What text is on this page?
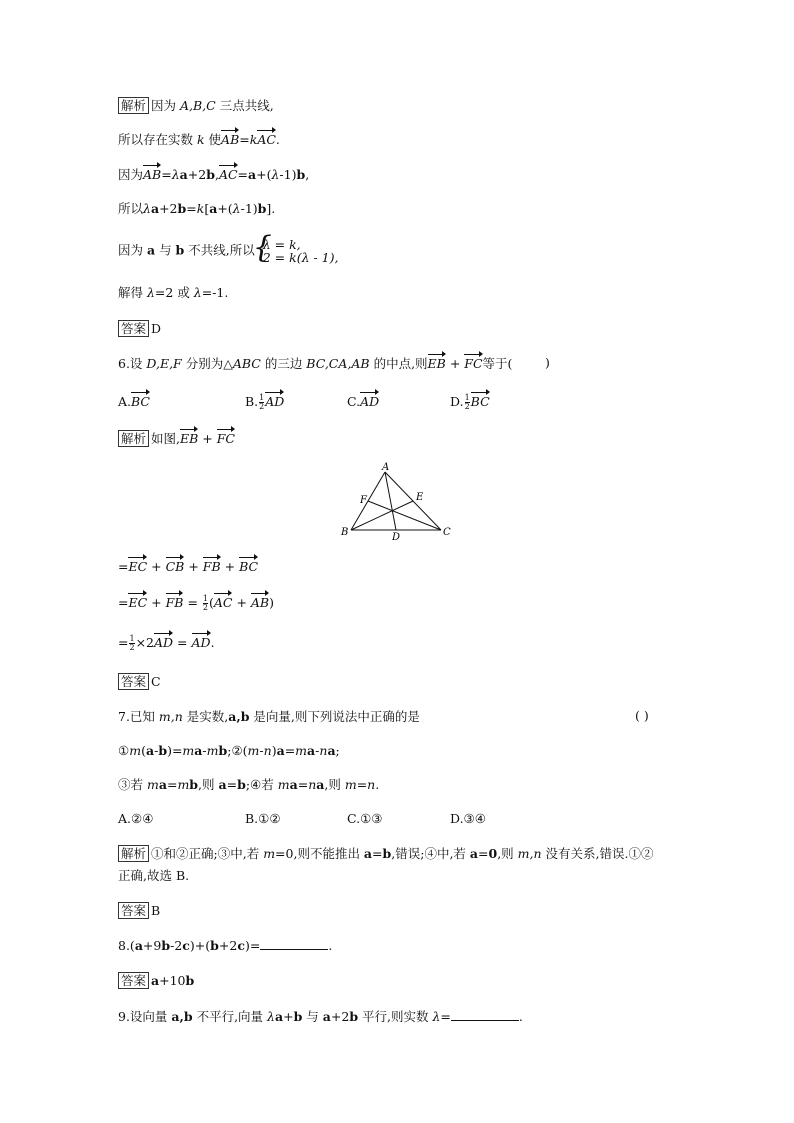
解析 因为 A,B,C 三点共线,
所以存在实数 k 使AB=kAC.
因为AB=λa+2b,AC=a+(λ-1)b,
所以λa+2b=k[a+(λ-1)b].
因为 a 与 b 不共线,所以
{ λ = k,
2 = k(λ - 1),
解得 λ=2 或 λ=-1.
答案 D
6.设 D,E,F 分别为△ABC 的三边 BC,CA,AB 的中点,则EB + FC等于(	)
A.BC	B. $\frac{1}{2}$ AD	C.AD	D. $\frac{1}{2}$ BC
解析 如图,EB + FC
A
B	C
D
E
F
=EC + CB + FB + BC
=EC + FB = $\frac{1}{2} (AC + AB)$
= $\frac{1}{2} \times 2AD$ = AD.
答案 C
7.已知 m,n 是实数,a,b 是向量,则下列说法中正确的是	( )
①m(a-b)=ma-mb;②(m-n)a=ma-na;
③若 ma=mb,则 a=b;④若 ma=na,则 m=n.
A.②④	B.①②	C.①③	D.③④
解析 ①和②正确;③中,若 m=0,则不能推出 a=b,错误;④中,若 a=0,则 m,n 没有关系,错误.①②
正确,故选 B.
答案 B
8.(a+9b-2c)+(b+2c)=	.
答案 a+10b
9.设向量 a,b 不平行,向量 λa+b 与 a+2b 平行,则实数 λ=	.
